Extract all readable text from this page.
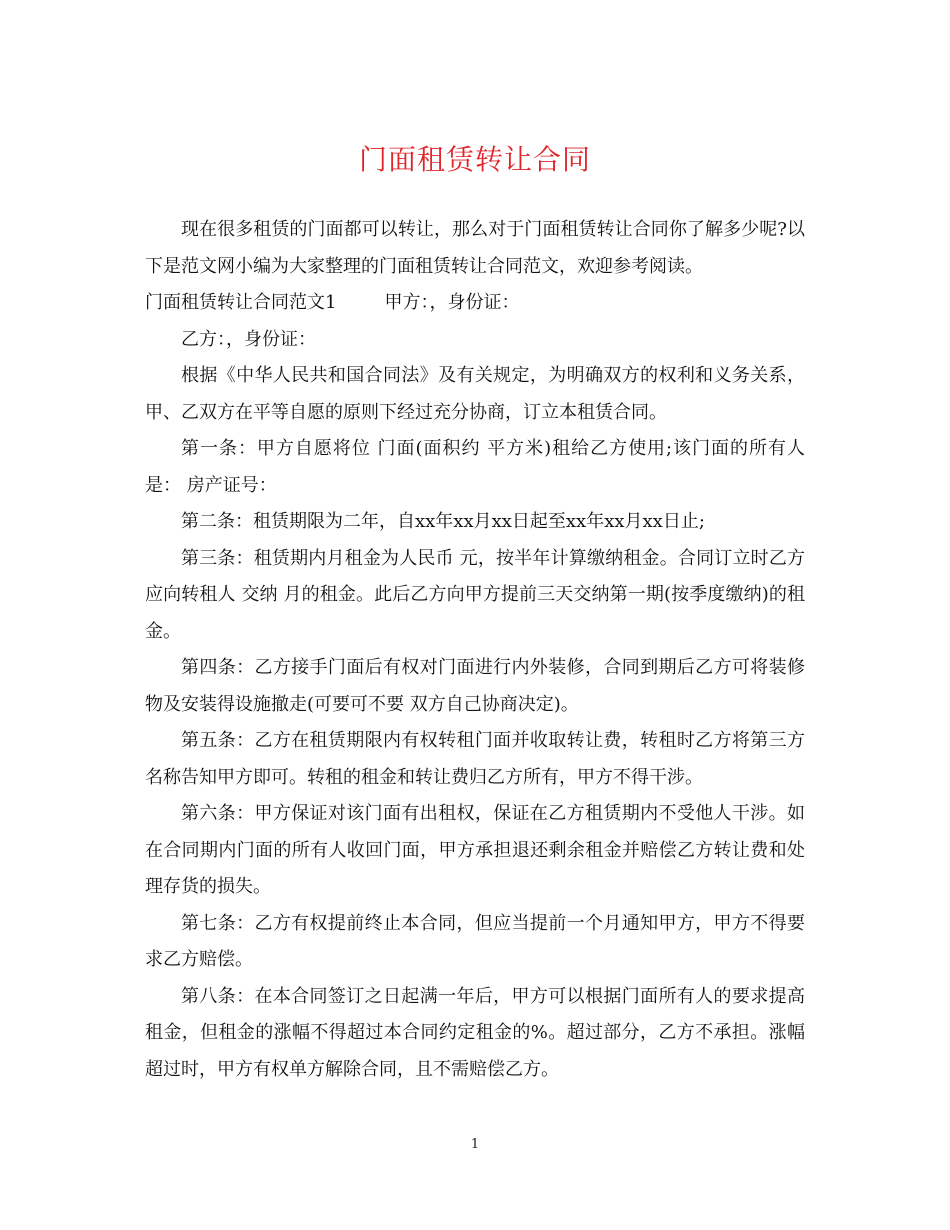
门面租赁转让合同

现在很多租赁的门面都可以转让，那么对于门面租赁转让合同你了解多少呢?以下是范文网小编为大家整理的门面租赁转让合同范文，欢迎参考阅读。

门面租赁转让合同范文1	甲方：，身份证：

乙方：，身份证：

根据《中华人民共和国合同法》及有关规定，为明确双方的权利和义务关系，甲、乙双方在平等自愿的原则下经过充分协商，订立本租赁合同。

第一条：甲方自愿将位 门面(面积约 平方米)租给乙方使用;该门面的所有人是： 房产证号：

第二条：租赁期限为二年，自xx年xx月xx日起至xx年xx月xx日止;

第三条：租赁期内月租金为人民币 元，按半年计算缴纳租金。合同订立时乙方应向转租人 交纳 月的租金。此后乙方向甲方提前三天交纳第一期(按季度缴纳)的租金。

第四条：乙方接手门面后有权对门面进行内外装修，合同到期后乙方可将装修物及安装得设施撤走(可要可不要 双方自己协商决定)。

第五条：乙方在租赁期限内有权转租门面并收取转让费，转租时乙方将第三方名称告知甲方即可。转租的租金和转让费归乙方所有，甲方不得干涉。

第六条：甲方保证对该门面有出租权，保证在乙方租赁期内不受他人干涉。如在合同期内门面的所有人收回门面，甲方承担退还剩余租金并赔偿乙方转让费和处理存货的损失。

第七条：乙方有权提前终止本合同，但应当提前一个月通知甲方，甲方不得要求乙方赔偿。

第八条：在本合同签订之日起满一年后，甲方可以根据门面所有人的要求提高租金，但租金的涨幅不得超过本合同约定租金的%。超过部分，乙方不承担。涨幅超过时，甲方有权单方解除合同，且不需赔偿乙方。

1
